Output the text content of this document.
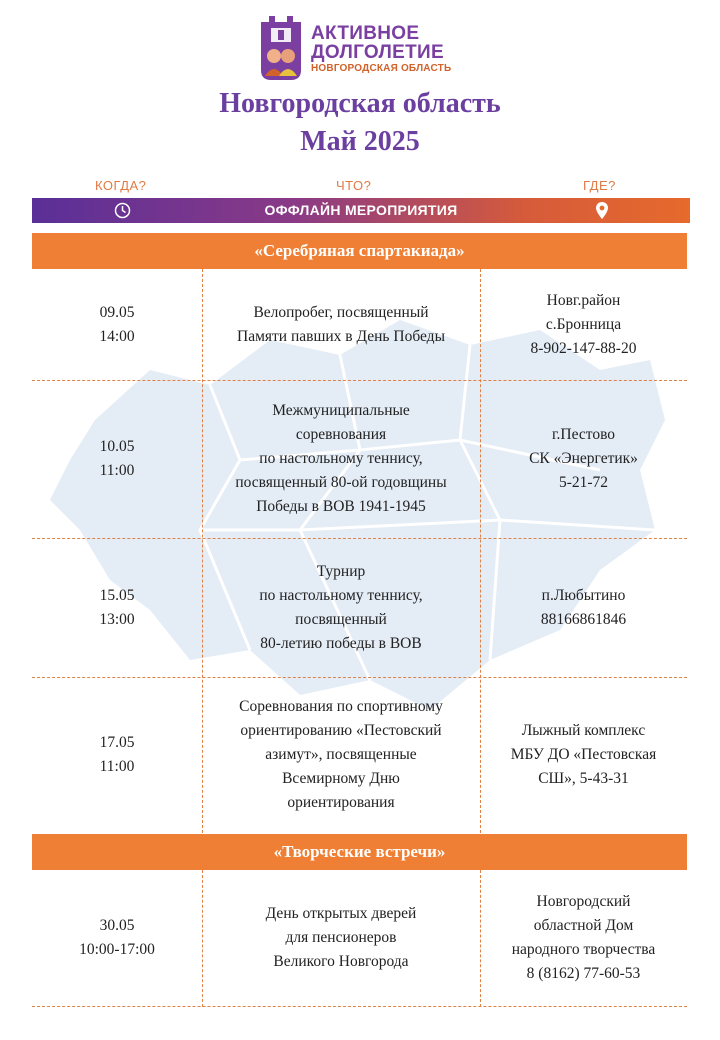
АКТИВНОЕ
ДОЛГОЛЕТИЕ
НОВГОРОДСКАЯ ОБЛАСТЬ
Новгородская область
Май 2025
КОГДА?	ЧТО?	ГДЕ?
ОФФЛАЙН МЕРОПРИЯТИЯ
«Серебряная спартакиада»
09.05
14:00
Велопробег, посвященный
Памяти павших в День Победы
Новг.район
с.Бронница
8-902-147-88-20
10.05
11:00
Межмуниципальные
соревнования
по настольному теннису,
посвященный 80-ой годовщины
Победы в ВОВ 1941-1945
г.Пестово
СК «Энергетик»
5-21-72
15.05
13:00
Турнир
по настольному теннису,
посвященный
80-летию победы в ВОВ
п.Любытино
88166861846
17.05
11:00
Соревнования по спортивному
ориентированию «Пестовский
азимут», посвященные
Всемирному Дню
ориентирования
Лыжный комплекс
МБУ ДО «Пестовская
СШ», 5-43-31
«Творческие встречи»
30.05
10:00-17:00
День открытых дверей
для пенсионеров
Великого Новгорода
Новгородский
областной Дом
народного творчества
8 (8162) 77-60-53
